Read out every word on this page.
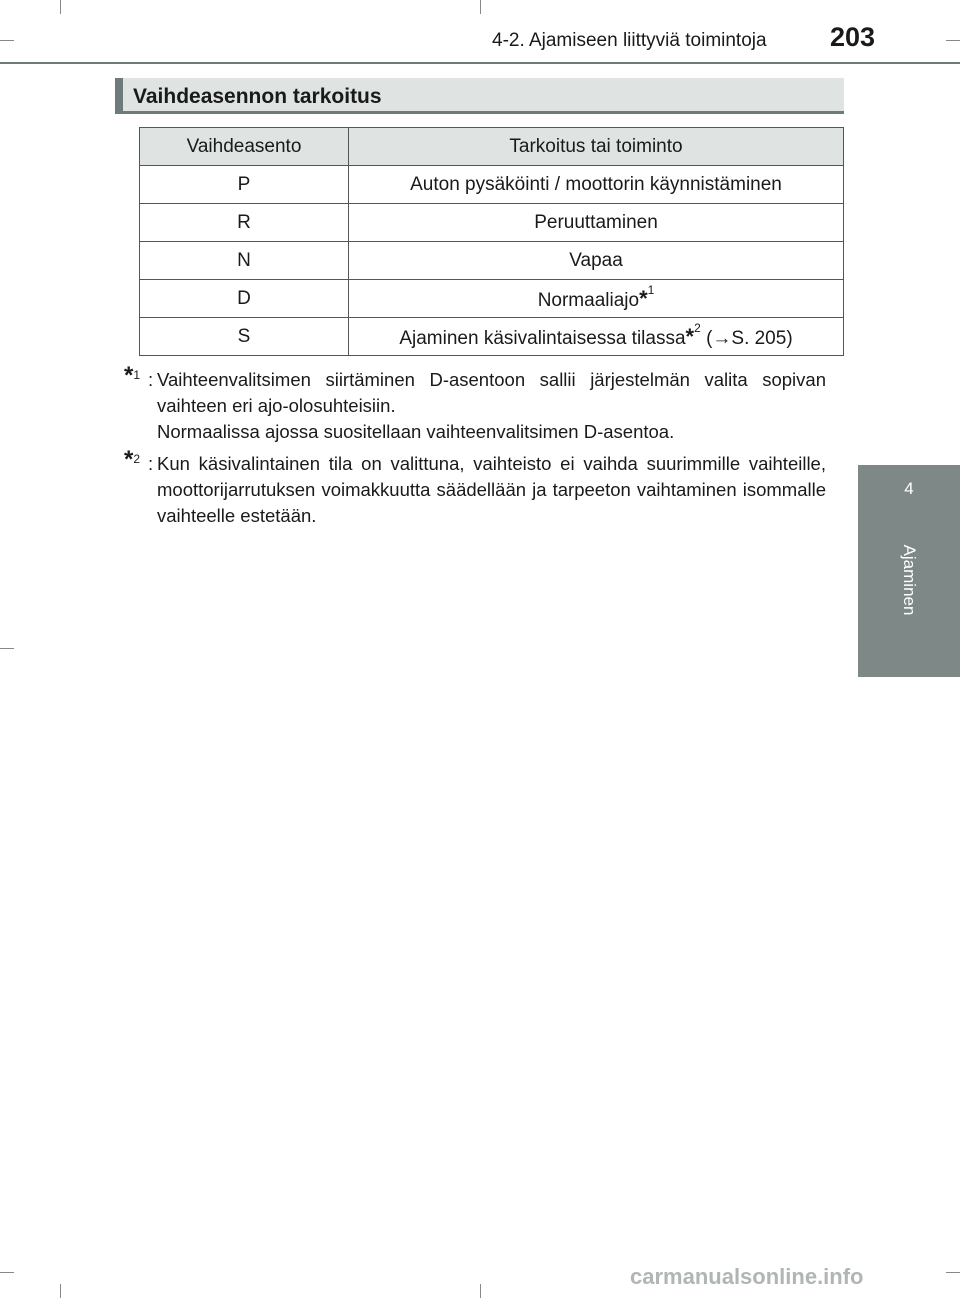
4-2. Ajamiseen liittyviä toimintoja 203
4
Ajaminen
Vaihdeasennon tarkoitus
Vaihdeasento	Tarkoitus tai toiminto
P	Auton pysäköinti / moottorin käynnistäminen
R	Peruuttaminen
N	Vapaa
D	Normaaliajo*$^1$
S	Ajaminen käsivalintaisessa tilassa*$^2$ (→S. 205)
*$^1$ : Vaihteenvalitsimen siirtäminen D-asentoon sallii järjestelmän valita sopivan vaihteen eri ajo-olosuhteisiin.

Normaalissa ajossa suositellaan vaihteenvalitsimen D-asentoa.

*$^2$ : Kun käsivalintainen tila on valittuna, vaihteisto ei vaihda suurimmille vaihteille, moottorijarrutuksen voimakkuutta säädellään ja tarpeeton vaihtaminen isommalle vaihteelle estetään.

carmanualsonline.info
